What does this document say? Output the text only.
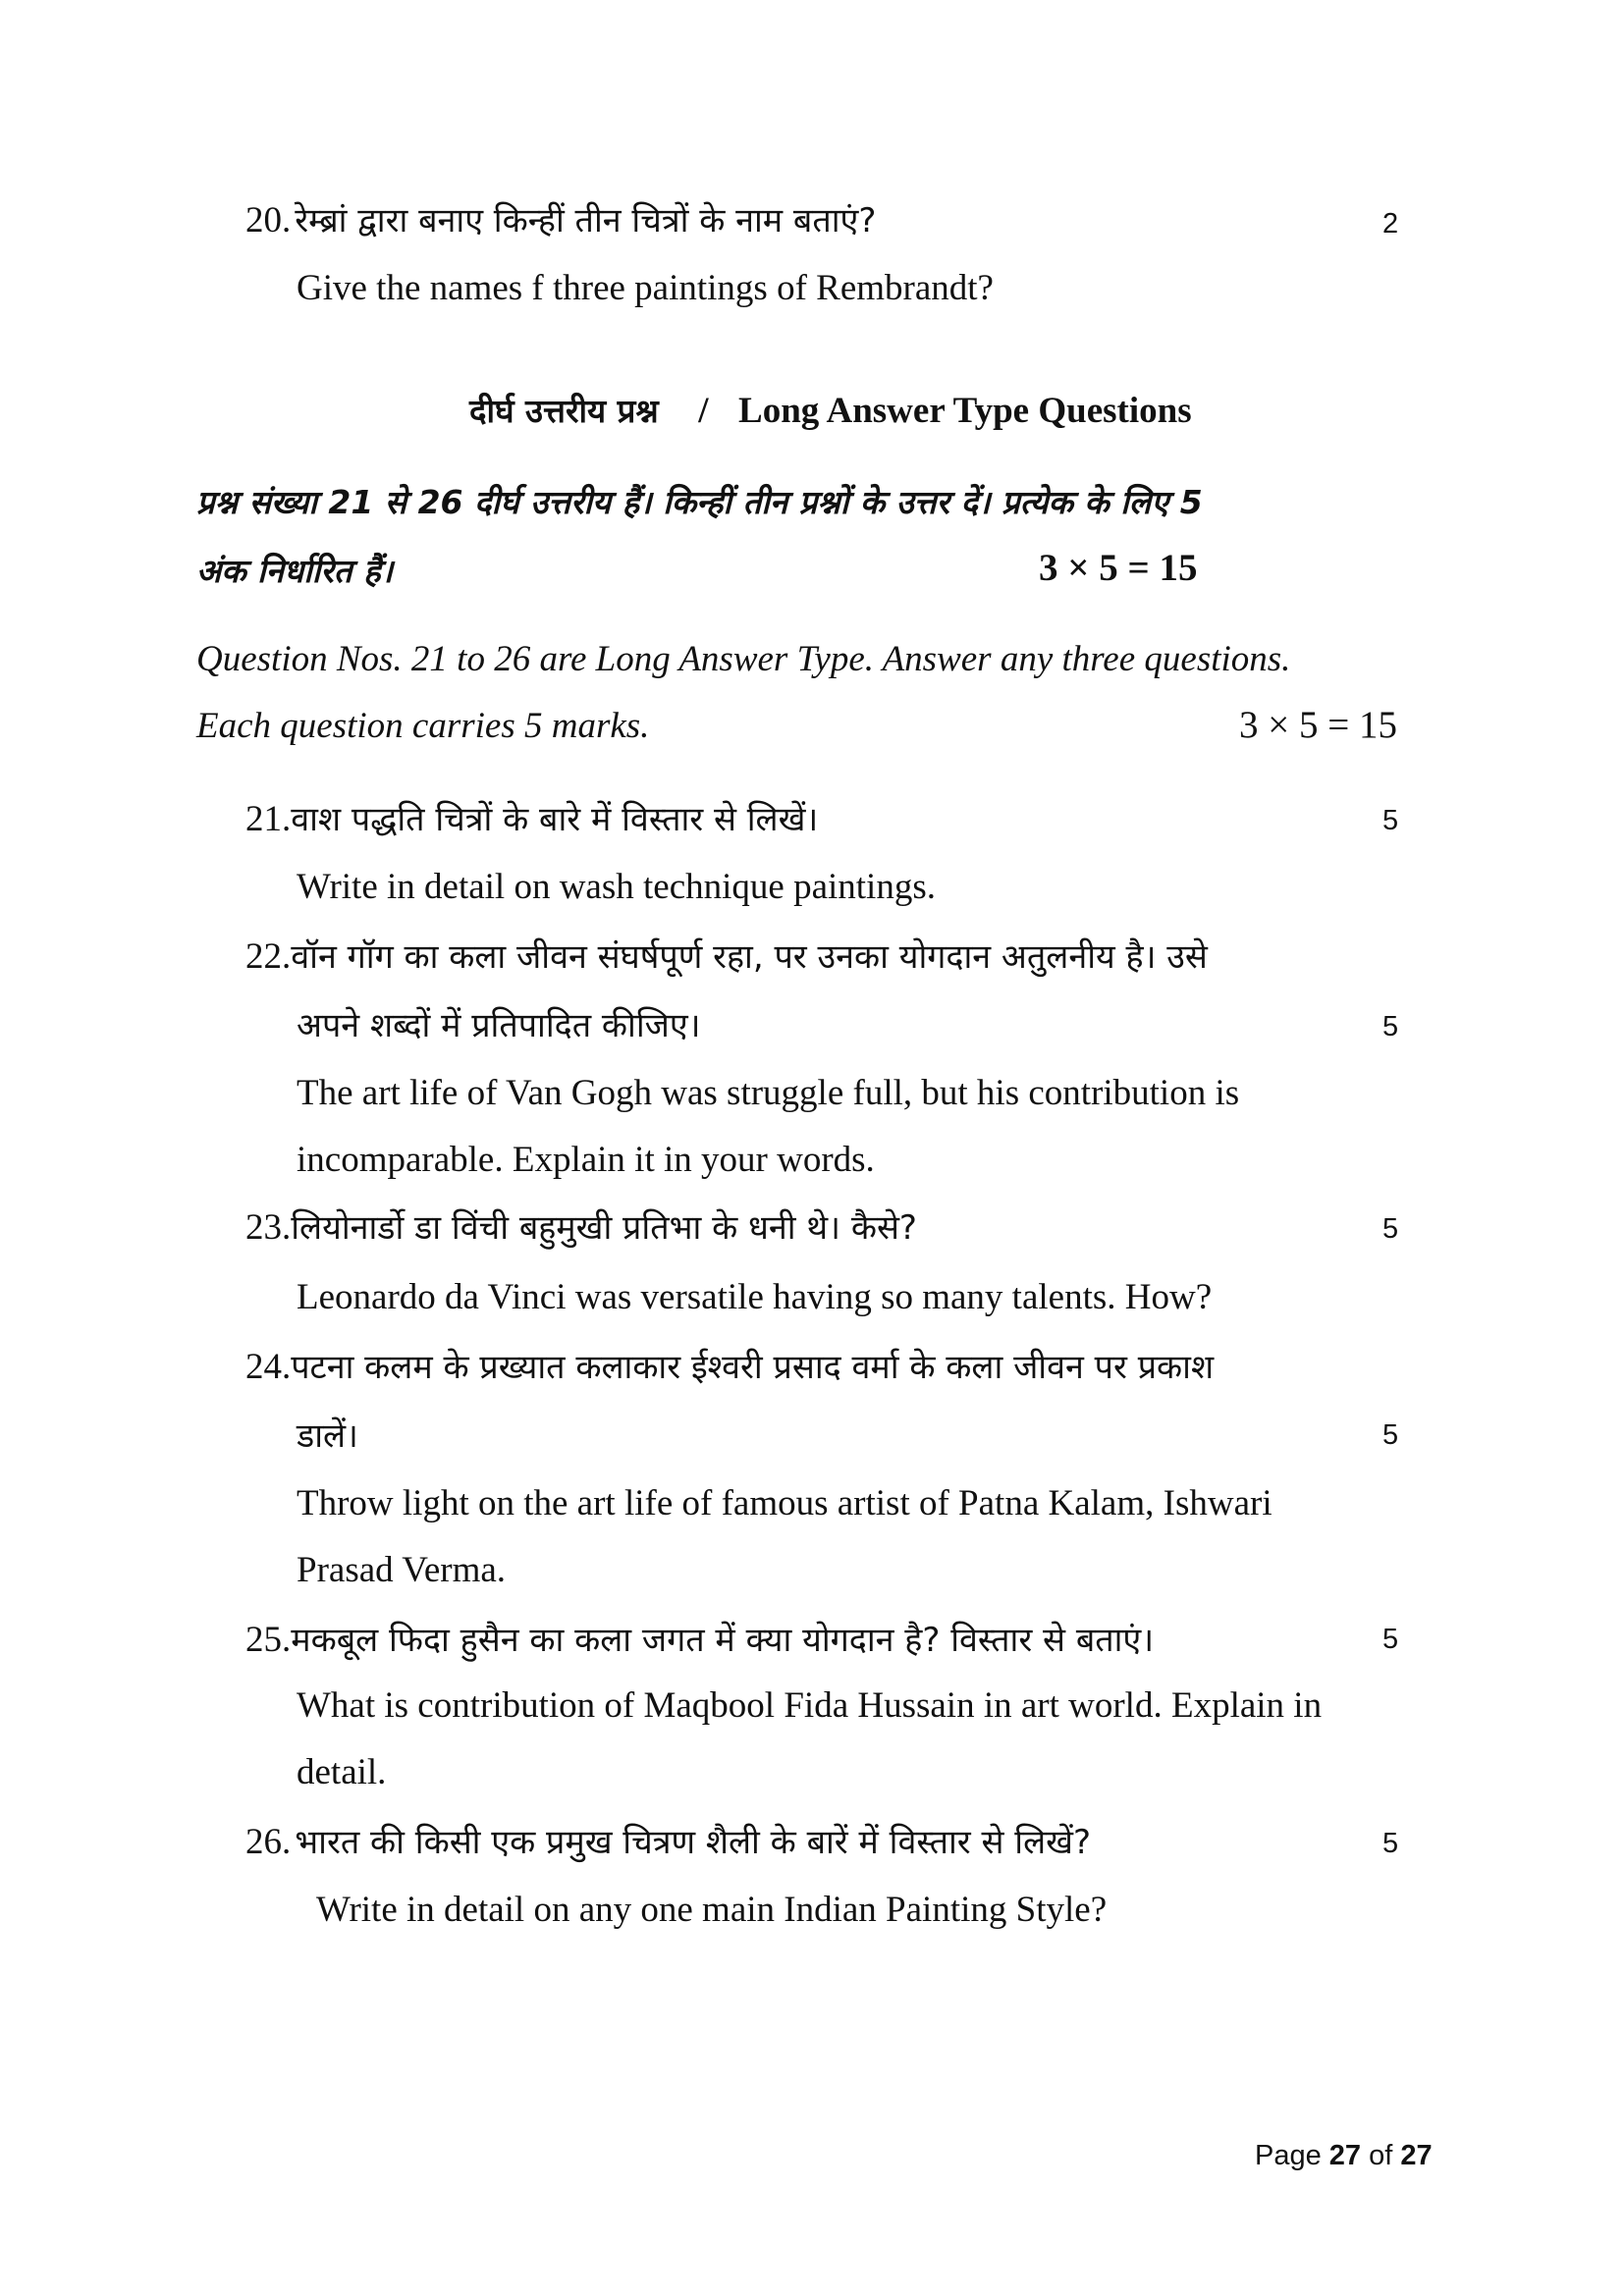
20. रेम्ब्रां द्वारा बनाए किन्हीं तीन चित्रों के नाम बताएं?	2
Give the names f three paintings of Rembrandt?
दीर्घ उत्तरीय प्रश्न / Long Answer Type Questions
प्रश्न संख्या 21 से 26 दीर्घ उत्तरीय हैं। किन्हीं तीन प्रश्नों के उत्तर दें। प्रत्येक के लिए 5
अंक निर्धारित हैं।	3 × 5 = 15
Question Nos. 21 to 26 are Long Answer Type. Answer any three questions.
Each question carries 5 marks.	3 × 5 = 15
21.वाश पद्धति चित्रों के बारे में विस्तार से लिखें।	5
Write in detail on wash technique paintings.
22.वॉन गॉग का कला जीवन संघर्षपूर्ण रहा, पर उनका योगदान अतुलनीय है। उसे
अपने शब्दों में प्रतिपादित कीजिए।	5
The art life of Van Gogh was struggle full, but his contribution is
incomparable. Explain it in your words.
23.लियोनार्डो डा विंची बहुमुखी प्रतिभा के धनी थे। कैसे?	5
Leonardo da Vinci was versatile having so many talents. How?
24.पटना कलम के प्रख्यात कलाकार ईश्वरी प्रसाद वर्मा के कला जीवन पर प्रकाश
डालें।	5
Throw light on the art life of famous artist of Patna Kalam, Ishwari
Prasad Verma.
25.मकबूल फिदा हुसैन का कला जगत में क्या योगदान है? विस्तार से बताएं।	5
What is contribution of Maqbool Fida Hussain in art world. Explain in
detail.
26. भारत की किसी एक प्रमुख चित्रण शैली के बारें में विस्तार से लिखें?	5
Write in detail on any one main Indian Painting Style?
Page 27 of 27
